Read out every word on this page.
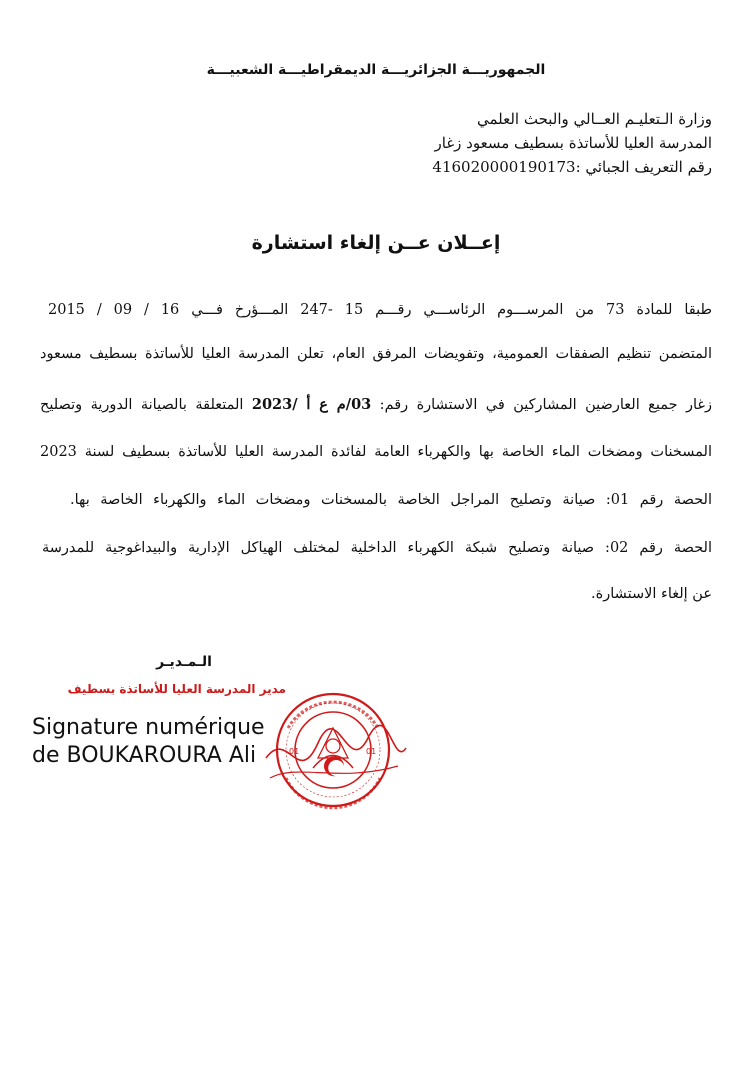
الجمهوريـــة الجزائريـــة الديمقراطيـــة الشعبيـــة
وزارة الـتعليـم العــالي والبحث العلمي
المدرسة العليا للأساتذة بسطيف مسعود زغار
رقم التعريف الجبائي :416020000190173
إعــلان عــن إلغاء استشارة
طبقا للمادة 73 من المرســـوم الرئاســـي رقـــم 15 -247 المـــؤرخ فـــي 16 / 09 / 2015
المتضمن تنظيم الصفقات العمومية، وتفويضات المرفق العام، تعلن المدرسة العليا للأساتذة بسطيف مسعود
زغار جميع العارضين المشاركين في الاستشارة رقم: 03/م ع أ /2023 المتعلقة بالصيانة الدورية وتصليح
المسخنات ومضخات الماء الخاصة بها والكهرباء العامة لفائدة المدرسة العليا للأساتذة بسطيف لسنة 2023
الحصة رقم 01: صيانة وتصليح المراجل الخاصة بالمسخنات ومضخات الماء والكهرباء الخاصة بها.
الحصة رقم 02: صيانة وتصليح شبكة الكهرباء الداخلية لمختلف الهياكل الإدارية والبيداغوجية للمدرسة
عن إلغاء الاستشارة.
الـمـديـر
مدير المدرسة العليا للأساتذة بسطيف
Signature numérique
de BOUKAROURA Ali	01	01
